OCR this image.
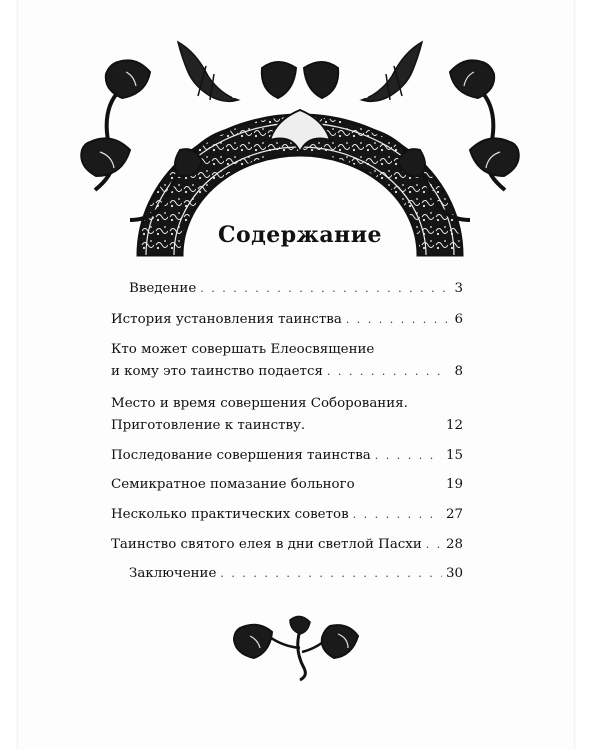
Содержание
Введение . . .	3
История установления таинства . . .	6
Кто может совершать Елеосвящение
и кому это таинство подается . . .	8
Место и время совершения Соборования.
Приготовление к таинству.	12
Последование совершения таинства . . .	15
Семикратное помазание больного	19
Несколько практических советов . . .	27
Таинство святого елея в дни светлой Пасхи . . . 28
Заключение . . .	30
